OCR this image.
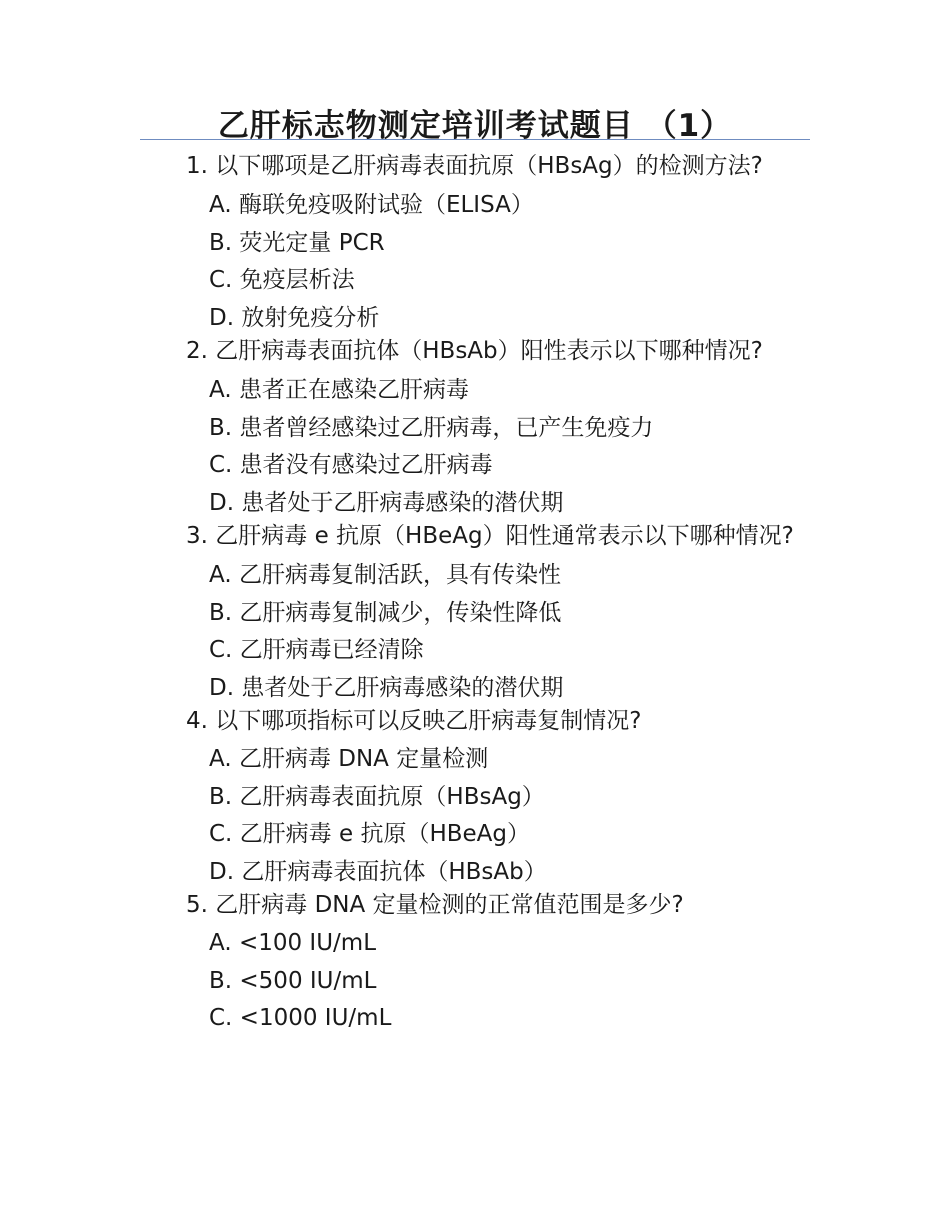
乙肝标志物测定培训考试题目 （1）

1. 以下哪项是乙肝病毒表面抗原（HBsAg）的检测方法?

A. 酶联免疫吸附试验（ELISA）
B. 荧光定量 PCR
C. 免疫层析法
D. 放射免疫分析

2. 乙肝病毒表面抗体（HBsAb）阳性表示以下哪种情况?

A. 患者正在感染乙肝病毒
B. 患者曾经感染过乙肝病毒，已产生免疫力
C. 患者没有感染过乙肝病毒
D. 患者处于乙肝病毒感染的潜伏期

3. 乙肝病毒 e 抗原（HBeAg）阳性通常表示以下哪种情况?

A. 乙肝病毒复制活跃，具有传染性
B. 乙肝病毒复制减少，传染性降低
C. 乙肝病毒已经清除
D. 患者处于乙肝病毒感染的潜伏期

4. 以下哪项指标可以反映乙肝病毒复制情况?

A. 乙肝病毒 DNA 定量检测
B. 乙肝病毒表面抗原（HBsAg）
C. 乙肝病毒 e 抗原（HBeAg）
D. 乙肝病毒表面抗体（HBsAb）

5. 乙肝病毒 DNA 定量检测的正常值范围是多少?

A. <100 IU/mL
B. <500 IU/mL
C. <1000 IU/mL
